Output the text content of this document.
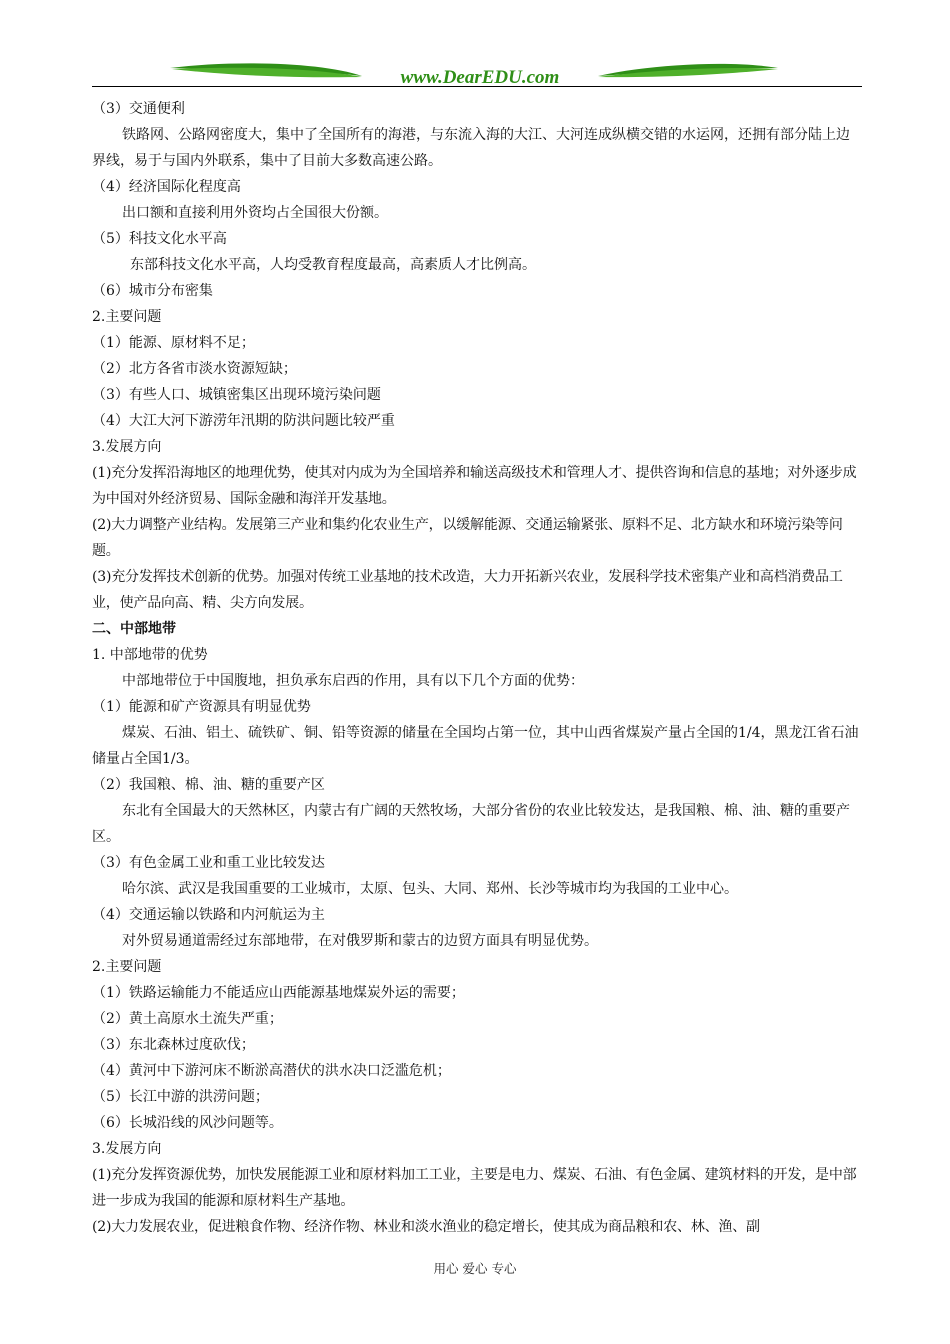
www.DearEDU.com

（3）交通便利

铁路网、公路网密度大，集中了全国所有的海港，与东流入海的大江、大河连成纵横交错的水运网，还拥有部分陆上边界线，易于与国内外联系，集中了目前大多数高速公路。

（4）经济国际化程度高

出口额和直接利用外资均占全国很大份额。

（5）科技文化水平高

东部科技文化水平高，人均受教育程度最高，高素质人才比例高。

（6）城市分布密集

2.主要问题

（1）能源、原材料不足；

（2）北方各省市淡水资源短缺；

（3）有些人口、城镇密集区出现环境污染问题

（4）大江大河下游涝年汛期的防洪问题比较严重

3.发展方向

(1)充分发挥沿海地区的地理优势，使其对内成为为全国培养和输送高级技术和管理人才、提供咨询和信息的基地；对外逐步成为中国对外经济贸易、国际金融和海洋开发基地。

(2)大力调整产业结构。发展第三产业和集约化农业生产，以缓解能源、交通运输紧张、原料不足、北方缺水和环境污染等问题。

(3)充分发挥技术创新的优势。加强对传统工业基地的技术改造，大力开拓新兴农业，发展科学技术密集产业和高档消费品工业，使产品向高、精、尖方向发展。

二、中部地带

1. 中部地带的优势

中部地带位于中国腹地，担负承东启西的作用，具有以下几个方面的优势：

（1）能源和矿产资源具有明显优势

煤炭、石油、铝土、硫铁矿、铜、铅等资源的储量在全国均占第一位，其中山西省煤炭产量占全国的1/4，黑龙江省石油储量占全国1/3。

（2）我国粮、棉、油、糖的重要产区

东北有全国最大的天然林区，内蒙古有广阔的天然牧场，大部分省份的农业比较发达，是我国粮、棉、油、糖的重要产区。

（3）有色金属工业和重工业比较发达

哈尔滨、武汉是我国重要的工业城市，太原、包头、大同、郑州、长沙等城市均为我国的工业中心。

（4）交通运输以铁路和内河航运为主

对外贸易通道需经过东部地带，在对俄罗斯和蒙古的边贸方面具有明显优势。

2.主要问题

（1）铁路运输能力不能适应山西能源基地煤炭外运的需要；

（2）黄土高原水土流失严重；

（3）东北森林过度砍伐；

（4）黄河中下游河床不断淤高潜伏的洪水决口泛滥危机；

（5）长江中游的洪涝问题；

（6）长城沿线的风沙问题等。

3.发展方向

(1)充分发挥资源优势，加快发展能源工业和原材料加工工业，主要是电力、煤炭、石油、有色金属、建筑材料的开发，是中部进一步成为我国的能源和原材料生产基地。

(2)大力发展农业，促进粮食作物、经济作物、林业和淡水渔业的稳定增长，使其成为商品粮和农、林、渔、副

用心 爱心 专心
